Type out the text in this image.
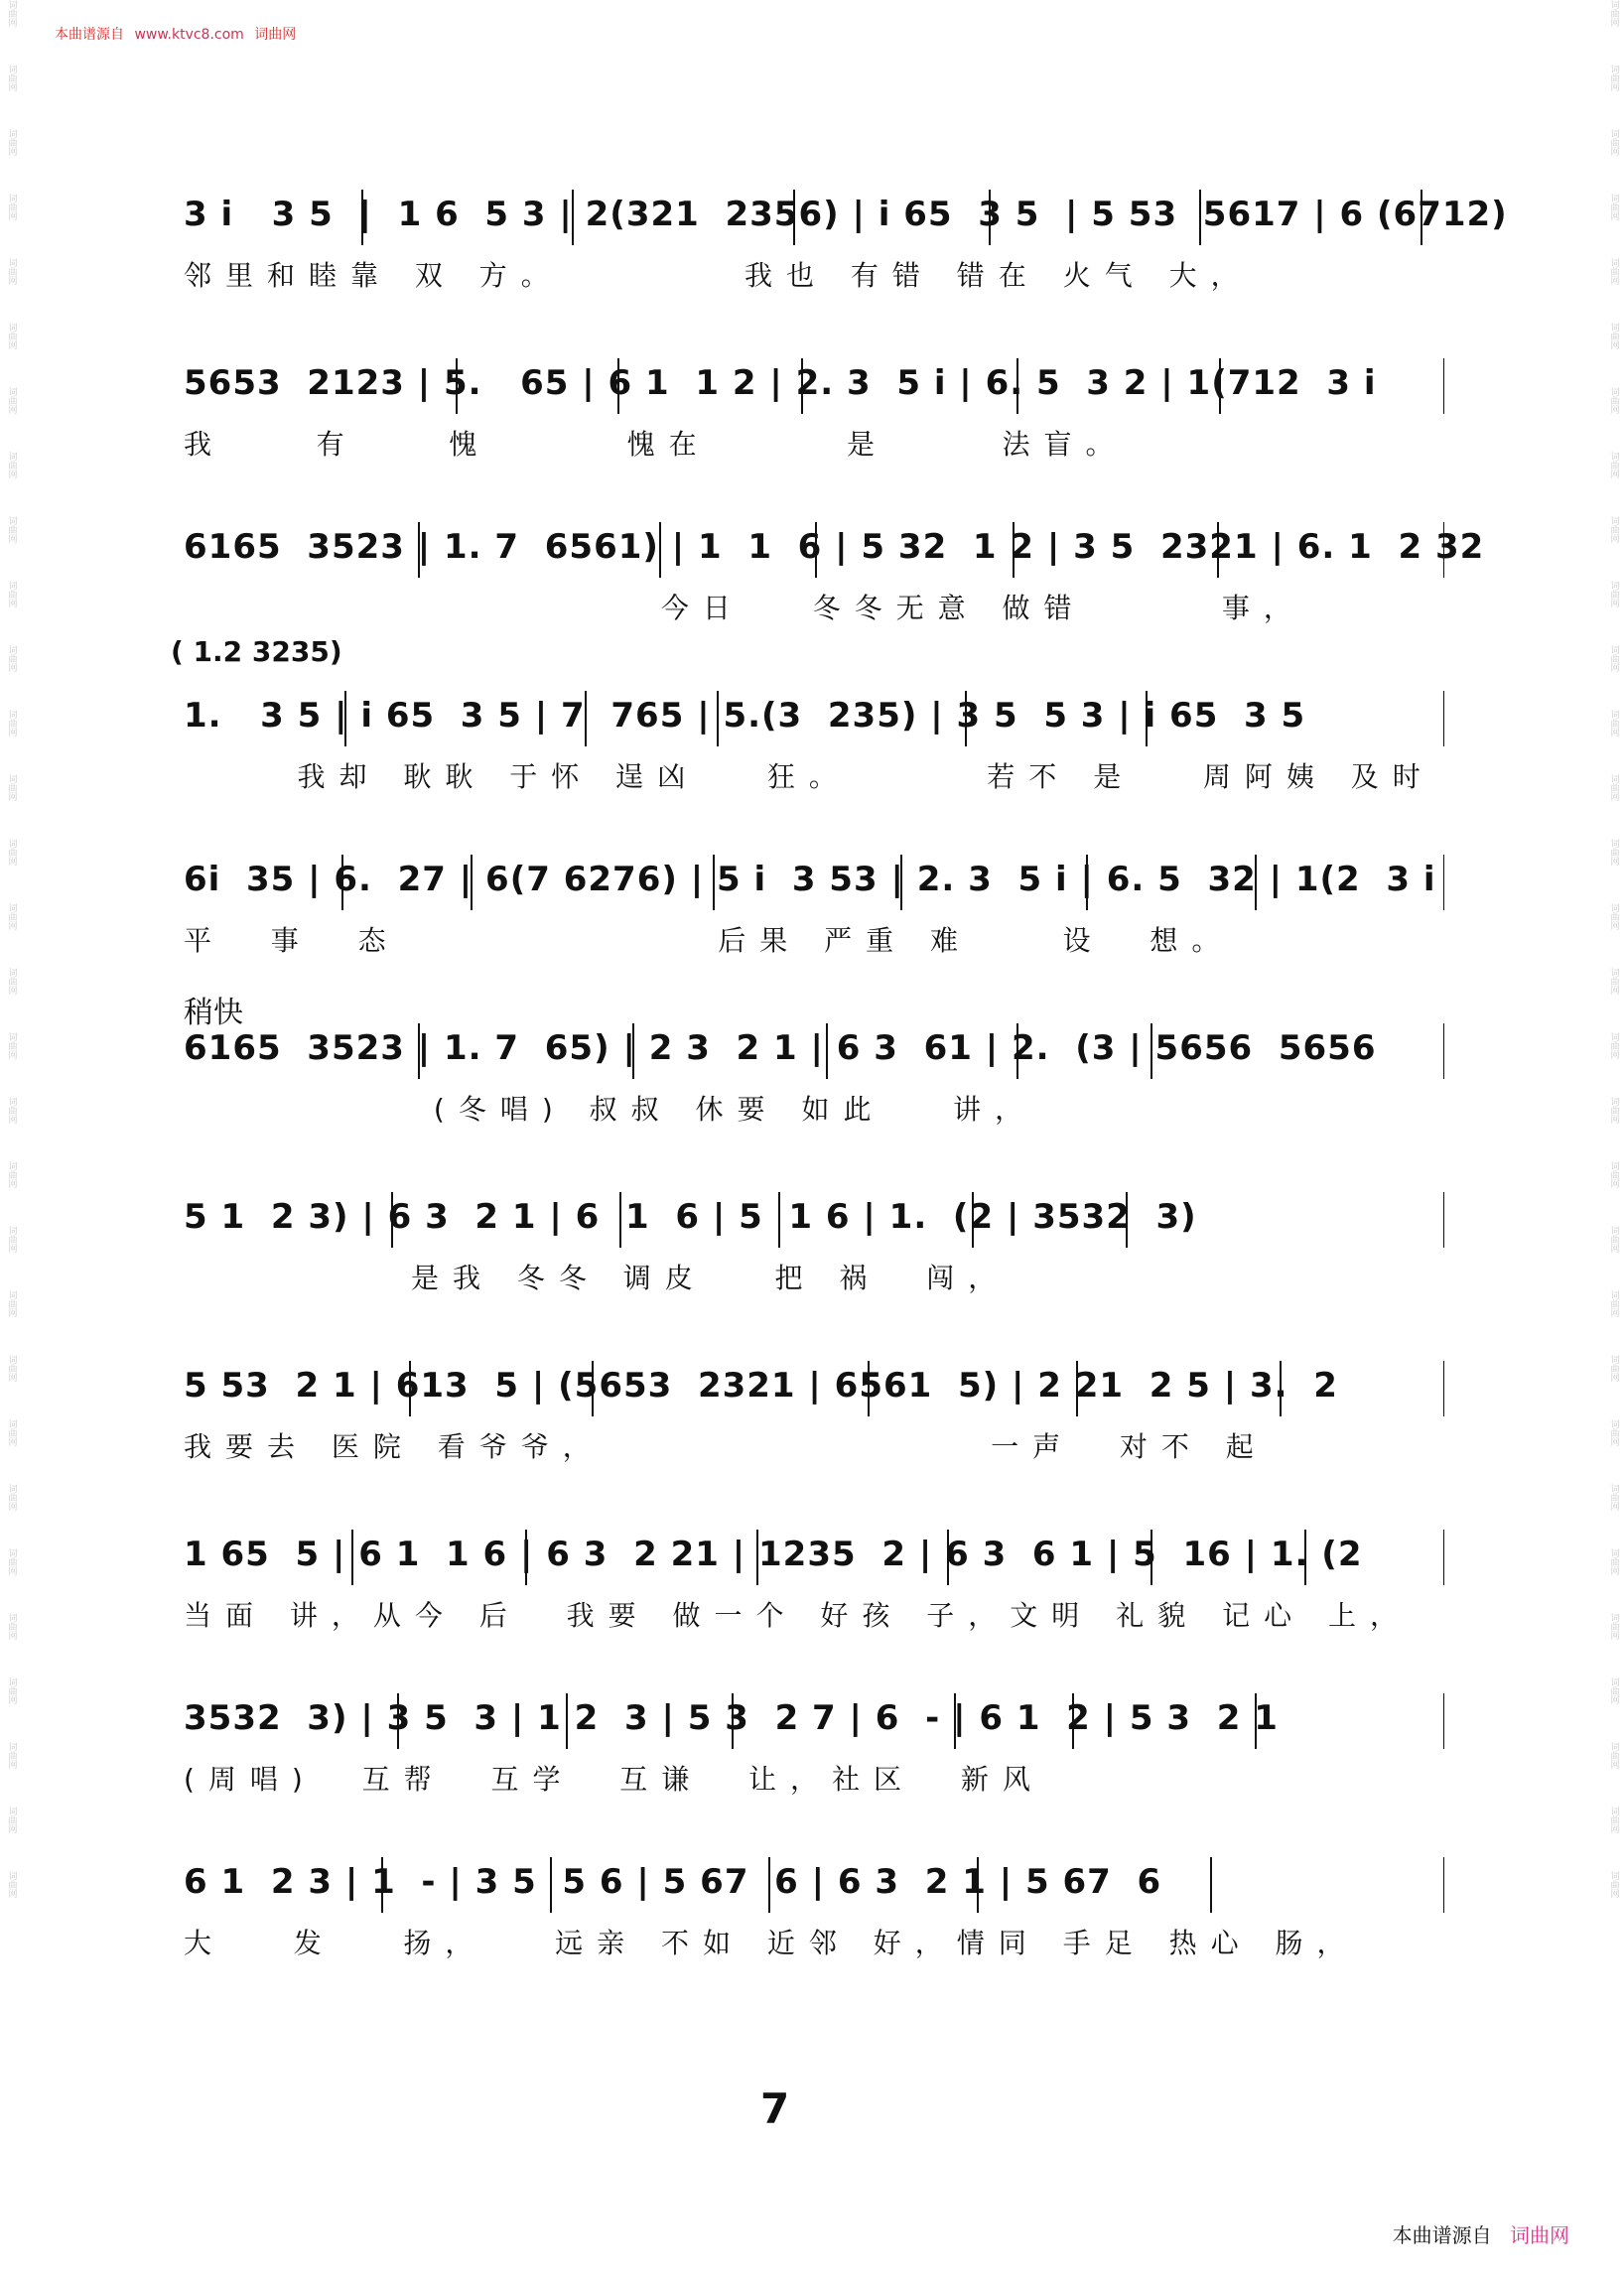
词曲网
词曲网
词曲网
词曲网
词曲网
词曲网
词曲网
词曲网
词曲网
词曲网
词曲网
词曲网
词曲网
词曲网
词曲网
词曲网
词曲网
词曲网
词曲网
词曲网
词曲网
词曲网
词曲网
词曲网
词曲网
词曲网
词曲网
词曲网
词曲网
词曲网
词曲网
词曲网
词曲网
词曲网
词曲网
词曲网
词曲网
词曲网
词曲网
词曲网
词曲网
词曲网
词曲网
词曲网
词曲网
词曲网
词曲网
词曲网
词曲网
词曲网
词曲网
词曲网
词曲网
词曲网
词曲网
词曲网
词曲网
词曲网
词曲网
词曲网
本曲谱源自 www.ktvc8.com 词曲网
3 i   3 5  |  1 6  5 3 | 2(321  2356) | i 65  3 5  | 5 53  5617 | 6 (6712)
邻里和睦靠 双 方。        我也 有错 错在 火气 大，
5653  2123 | 5.   65 | 6 1  1 2 | 2. 3  5 i | 6. 5  3 2 | 1(712  3 i
我    有    愧      愧在      是     法盲。
6165  3523 | 1. 7  6561) | 1  1  6 | 5 32  1 2 | 3 5  2321 | 6. 1  2 32
今日   冬冬无意 做错      事，
1.   3 5 | i 65  3 5 | 7  765 | 5.(3  235) | 3 5  5 3 | i 65  3 5
我却 耿耿 于怀 逞凶   狂。      若不 是   周阿姨 及时
6i  35 | 6.  27 | 6(7 6276) | 5 i  3 53 | 2. 3  5 i | 6. 5  32 | 1(2  3 i
平  事  态              后果 严重 难    设  想。
6165  3523 | 1. 7  65) | 2 3  2 1 | 6 3  61 | 2.  (3 | 5656  5656
(冬唱) 叔叔 休要 如此   讲，
5 1  2 3) | 6 3  2 1 | 6  1  6 | 5  1 6 | 1.  (2 | 3532  3)
是我 冬冬 调皮   把 祸  闯，
5 53  2 1 | 613  5 | (5653  2321 | 6561  5) | 2 21  2 5 | 3.  2
我要去 医院 看爷爷，                 一声  对不 起
1 65  5 | 6 1  1 6 | 6 3  2 21 | 1235  2 | 6 3  6 1 | 5  16 | 1. (2
当面 讲，从今 后  我要 做一个 好孩 子，文明 礼貌 记心 上，
3532  3) | 3 5  3 | 1 2  3 | 5 3  2 7 | 6  - | 6 1  2 | 5 3  2 1
(周唱)  互帮  互学  互谦  让，社区  新风
6 1  2 3 | 1  - | 3 5  5 6 | 5 67  6 | 6 3  2 1 | 5 67  6
大   发   扬，   远亲 不如 近邻 好，情同 手足 热心 肠，
( 1.2 3235)
稍快
7
本曲谱源自 词曲网
